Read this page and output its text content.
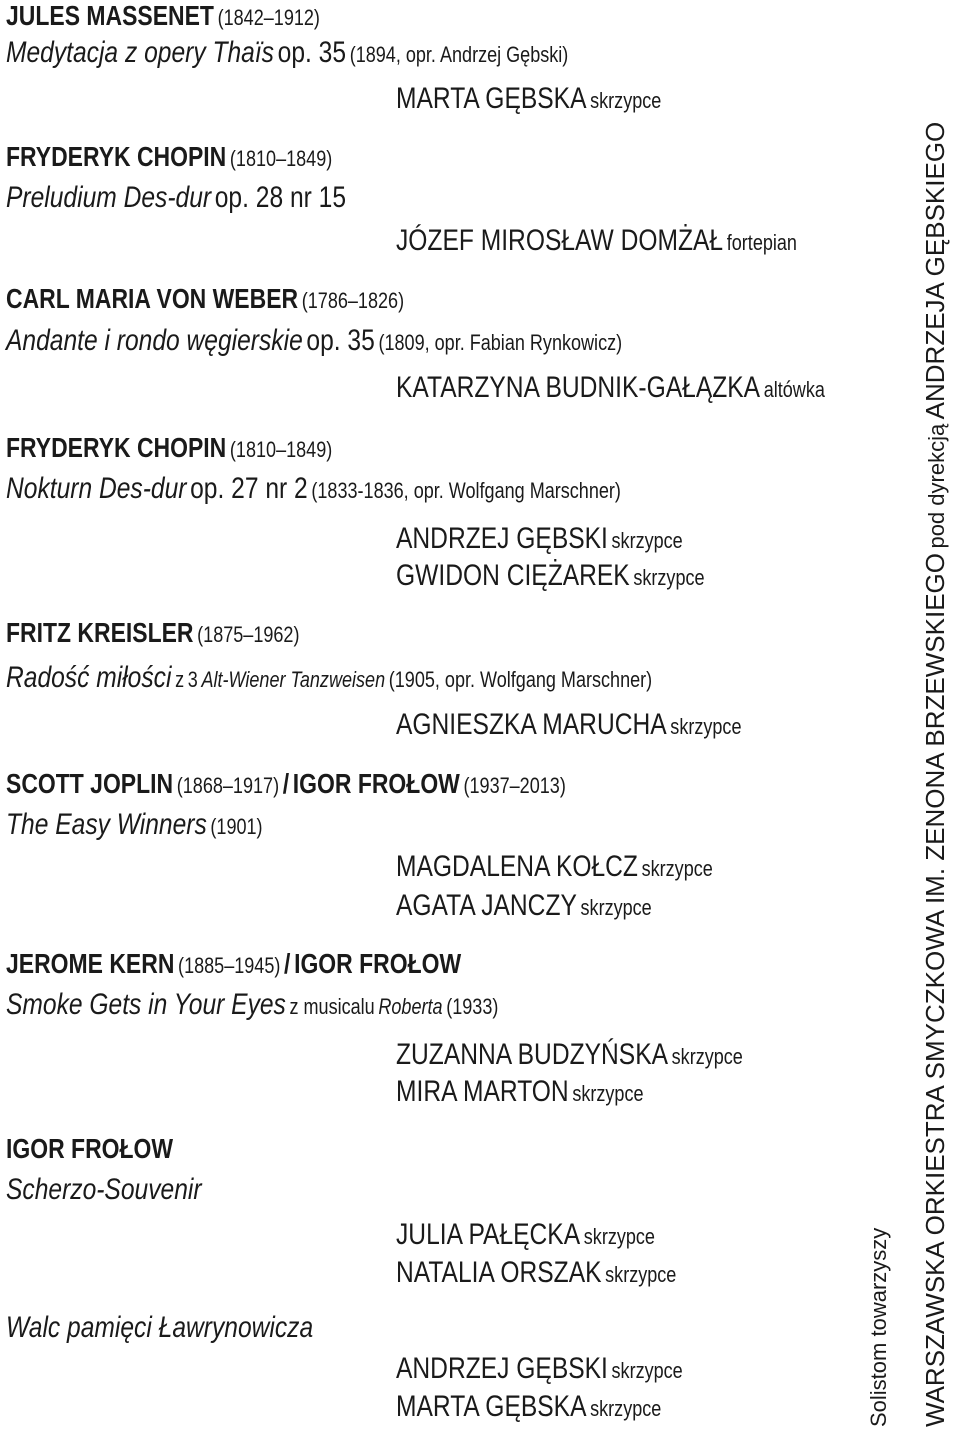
JULES MASSENET (1842–1912)
Medytacja z opery Thaïs op. 35 (1894, opr. Andrzej Gębski)
MARTA GĘBSKA skrzypce
FRYDERYK CHOPIN (1810–1849)
Preludium Des-dur op. 28 nr 15
JÓZEF MIROSŁAW DOMŻAŁ fortepian
CARL MARIA VON WEBER (1786–1826)
Andante i rondo węgierskie op. 35 (1809, opr. Fabian Rynkowicz)
KATARZYNA BUDNIK-GAŁĄZKA altówka
FRYDERYK CHOPIN (1810–1849)
Nokturn Des-dur op. 27 nr 2 (1833-1836, opr. Wolfgang Marschner)
ANDRZEJ GĘBSKI skrzypce
GWIDON CIĘŻAREK skrzypce
FRITZ KREISLER (1875–1962)
Radość miłości z 3 Alt-Wiener Tanzweisen (1905, opr. Wolfgang Marschner)
AGNIESZKA MARUCHA skrzypce
SCOTT JOPLIN (1868–1917) / IGOR FROŁOW (1937–2013)
The Easy Winners (1901)
MAGDALENA KOŁCZ skrzypce
AGATA JANCZY skrzypce
JEROME KERN (1885–1945) / IGOR FROŁOW
Smoke Gets in Your Eyes z musicalu Roberta (1933)
ZUZANNA BUDZYŃSKA skrzypce
MIRA MARTON skrzypce
IGOR FROŁOW
Scherzo-Souvenir
JULIA PAŁĘCKA skrzypce
NATALIA ORSZAK skrzypce
Walc pamięci Ławrynowicza
ANDRZEJ GĘBSKI skrzypce
MARTA GĘBSKA skrzypce	Solistom towarzyszy WARSZAWSKA ORKIESTRA SMYCZKOWA IM. ZENONA BRZEWSKIEGO pod dyrekcją ANDRZEJA GĘBSKIEGO
